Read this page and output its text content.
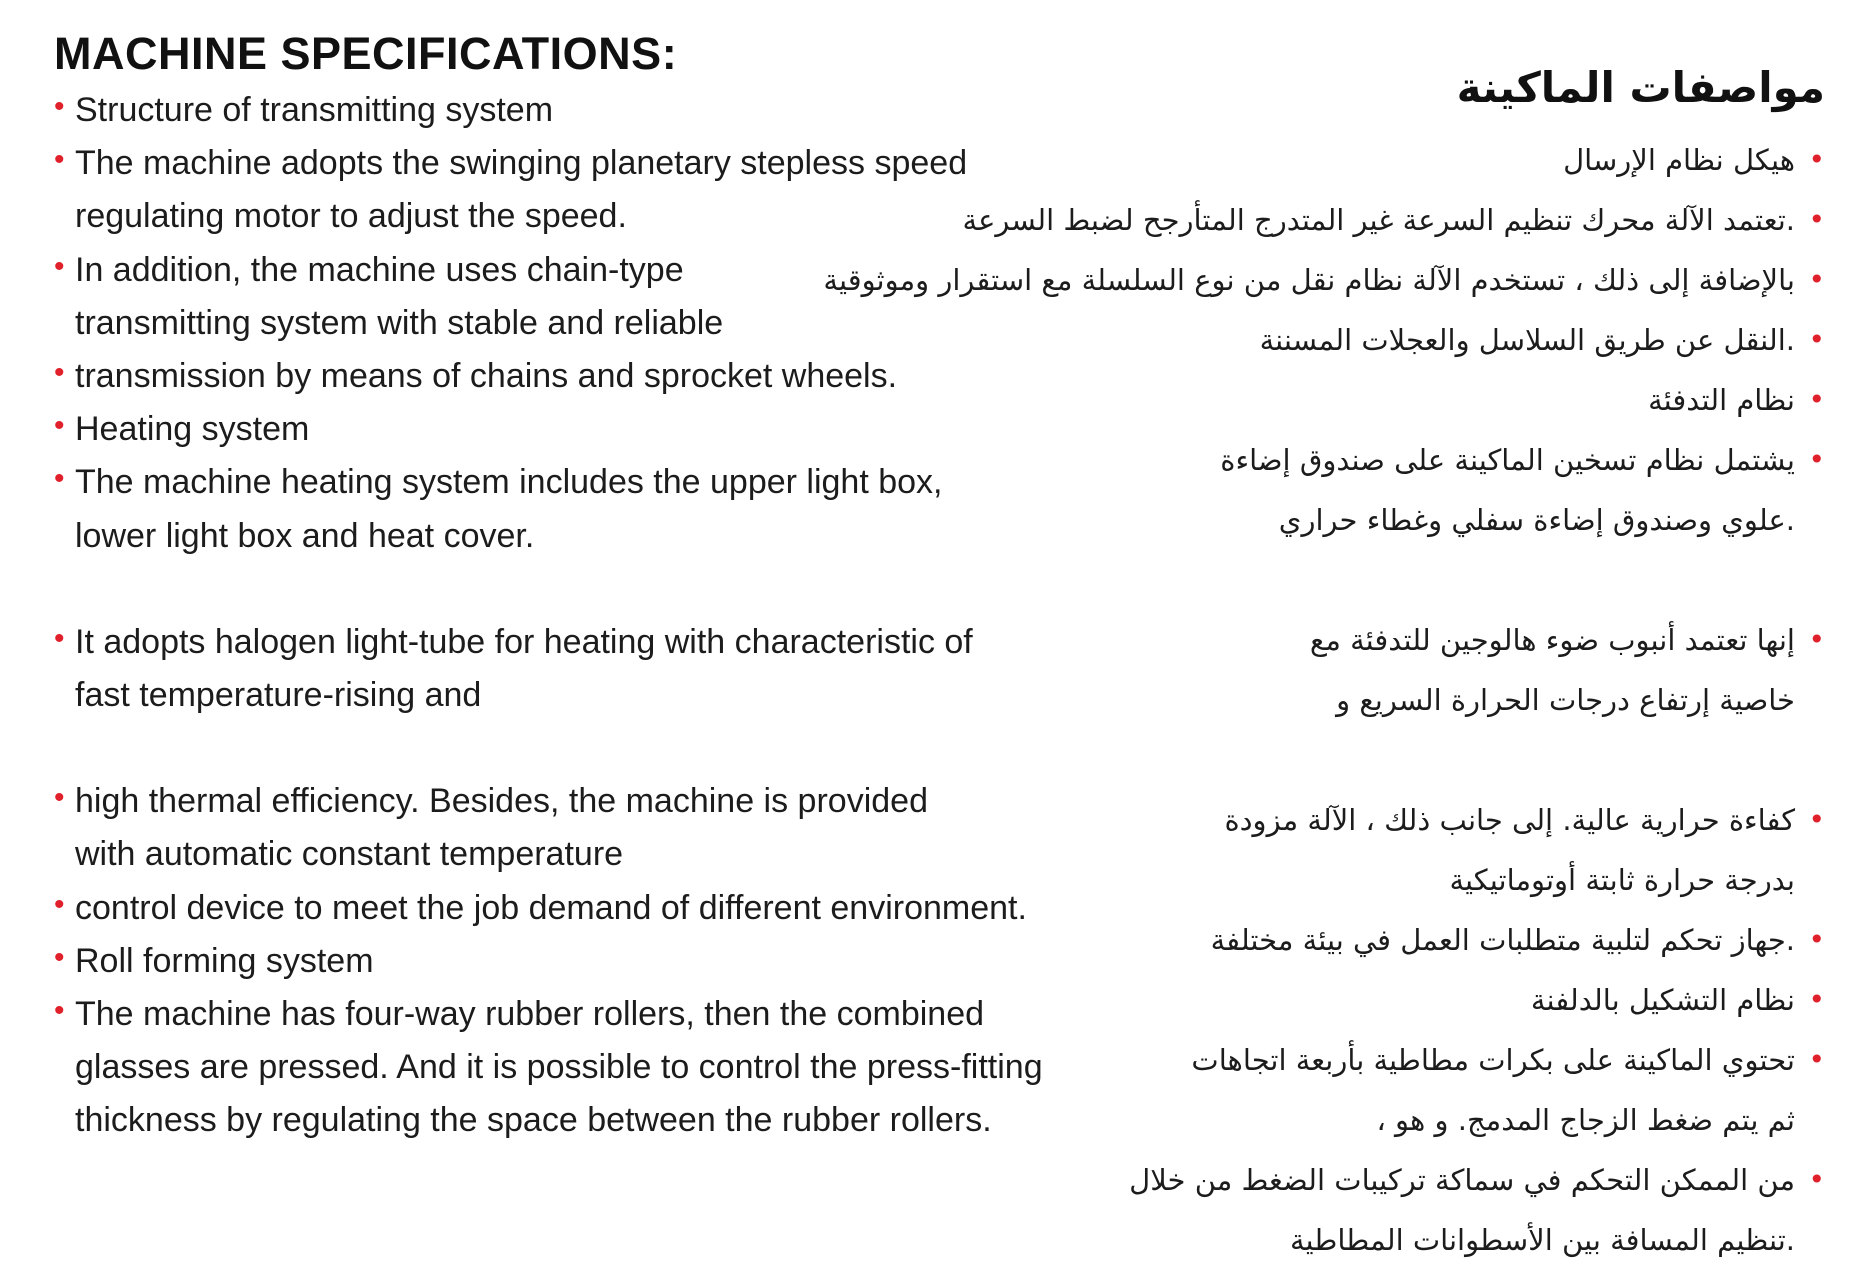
MACHINE SPECIFICATIONS:
• Structure of transmitting system
• The machine adopts the swinging planetary stepless speed
regulating motor to adjust the speed.
• In addition, the machine uses chain-type
transmitting system with stable and reliable
• transmission by means of chains and sprocket wheels.
• Heating system
• The machine heating system includes the upper light box,
lower light box and heat cover.
• It adopts halogen light-tube for heating with characteristic of
fast temperature-rising and
• high thermal efficiency. Besides, the machine is provided
with automatic constant temperature
• control device to meet the job demand of different environment.
• Roll forming system
• The machine has four-way rubber rollers, then the combined
glasses are pressed. And it is possible to control the press-fitting
thickness by regulating the space between the rubber rollers.
مواصفات الماكينة
•
هيكل نظام الإرسال
•
.تعتمد الآلة محرك تنظيم السرعة غير المتدرج المتأرجح لضبط السرعة
•
بالإضافة إلى ذلك ، تستخدم الآلة نظام نقل من نوع السلسلة مع استقرار وموثوقية
•
.النقل عن طريق السلاسل والعجلات المسننة
•
نظام التدفئة
•
يشتمل نظام تسخين الماكينة على صندوق إضاءة
.علوي وصندوق إضاءة سفلي وغطاء حراري
•
إنها تعتمد أنبوب ضوء هالوجين للتدفئة مع
خاصية إرتفاع درجات الحرارة السريع و
•
كفاءة حرارية عالية. إلى جانب ذلك ، الآلة مزودة
بدرجة حرارة ثابتة أوتوماتيكية
•
.جهاز تحكم لتلبية متطلبات العمل في بيئة مختلفة
•
نظام التشكيل بالدلفنة
•
تحتوي الماكينة على بكرات مطاطية بأربعة اتجاهات
ثم يتم ضغط الزجاج المدمج. و هو ،
•
من الممكن التحكم في سماكة تركيبات الضغط من خلال
.تنظيم المسافة بين الأسطوانات المطاطية
